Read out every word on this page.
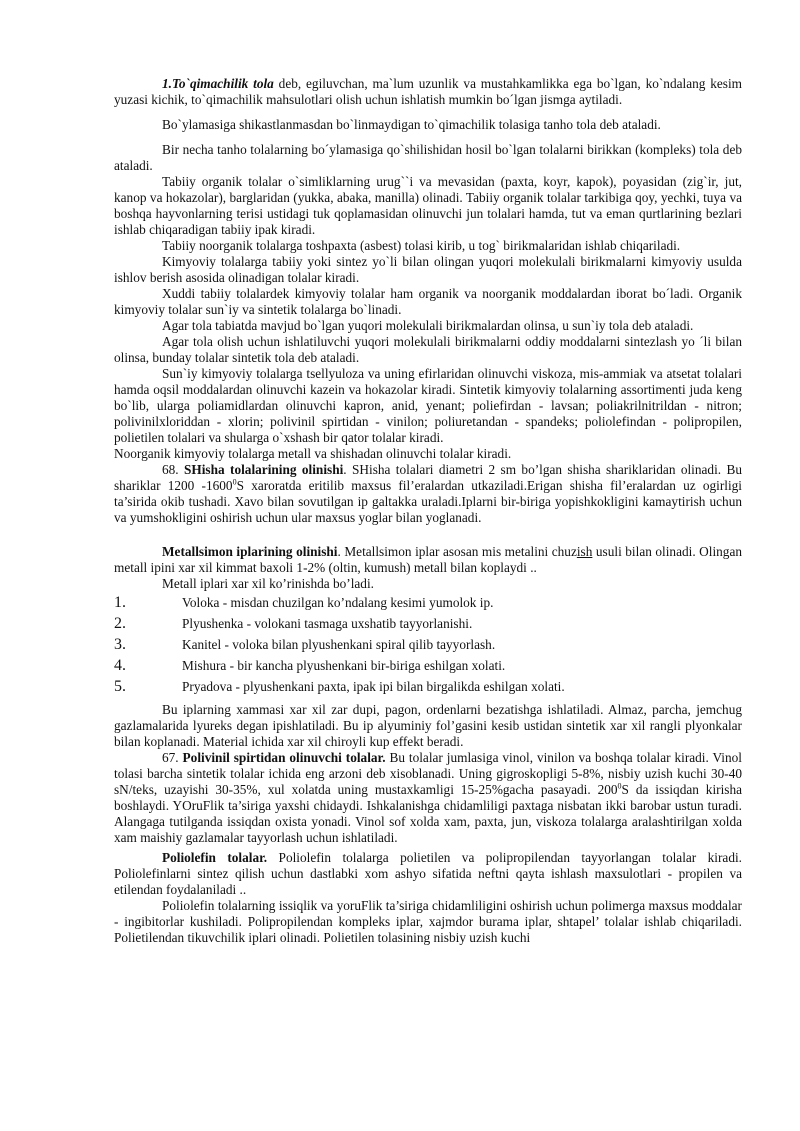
1.To`qimachilik tola deb, egiluvchan, ma`lum uzunlik va mustahkamlikka ega bo`lgan, ko`ndalang kesim yuzasi kichik, to`qimachilik mahsulotlari olish uchun ishlatish mumkin bo´lgan jismga aytiladi.

Bo`ylamasiga shikastlanmasdan bo`linmaydigan to`qimachilik tolasiga tanho tola deb ataladi.

Bir necha tanho tolalarning bo´ylamasiga qo`shilishidan hosil bo`lgan tolalarni birikkan (kompleks) tola deb ataladi.

Tabiiy organik tolalar o`simliklarning urug``i va mevasidan (paxta, koyr, kapok), poyasidan (zig`ir, jut, kanop va hokazolar), barglaridan (yukka, abaka, manilla) olinadi. Tabiiy organik tolalar tarkibiga qoy, yechki, tuya va boshqa hayvonlarning terisi ustidagi tuk qoplamasidan olinuvchi jun tolalari hamda, tut va eman qurtlarining bezlari ishlab chiqaradigan tabiiy ipak kiradi.

Tabiiy noorganik tolalarga toshpaxta (asbest) tolasi kirib, u tog` birikmalaridan ishlab chiqariladi.

Kimyoviy tolalarga tabiiy yoki sintez yo`li bilan olingan yuqori molekulali birikmalarni kimyoviy usulda ishlov berish asosida olinadigan tolalar kiradi.

Xuddi tabiiy tolalardek kimyoviy tolalar ham organik va noorganik moddalardan iborat bo´ladi. Organik kimyoviy tolalar sun`iy va sintetik tolalarga bo`linadi.

Agar tola tabiatda mavjud bo`lgan yuqori molekulali birikmalardan olinsa, u sun`iy tola deb ataladi.

Agar tola olish uchun ishlatiluvchi yuqori molekulali birikmalarni oddiy moddalarni sintezlash yo ´li bilan olinsa, bunday tolalar sintetik tola deb ataladi.

Sun`iy kimyoviy tolalarga tsellyuloza va uning efirlaridan olinuvchi viskoza, mis-ammiak va atsetat tolalari hamda oqsil moddalardan olinuvchi kazein va hokazolar kiradi. Sintetik kimyoviy tolalarning assortimenti juda keng bo`lib, ularga poliamidlardan olinuvchi kapron, anid, yenant; poliefirdan - lavsan; poliakrilnitrildan - nitron; polivinilxloriddan - xlorin; polivinil spirtidan - vinilon; poliuretandan - spandeks; poliolefindan - polipropilen, polietilen tolalari va shularga o`xshash bir qator tolalar kiradi.

Noorganik kimyoviy tolalarga metall va shishadan olinuvchi tolalar kiradi.

68. SHisha tolalarining olinishi. SHisha tolalari diametri 2 sm bo’lgan shisha shariklaridan olinadi. Bu shariklar 1200 -1600$^0$S xaroratda eritilib maxsus fil’eralardan utkaziladi.Erigan shisha fil’eralardan uz ogirligi ta’sirida okib tushadi. Xavo bilan sovutilgan ip galtakka uraladi.Iplarni bir-biriga yopishkokligini kamaytirish uchun va yumshokligini oshirish uchun ular maxsus yoglar bilan yoglanadi.

Metallsimon iplarining olinishi. Metallsimon iplar asosan mis metalini chuzish usuli bilan olinadi. Olingan metall ipini xar xil kimmat baxoli 1-2% (oltin, kumush) metall bilan koplaydi ..

Metall iplari xar xil ko’rinishda bo’ladi.

1.	Voloka - misdan chuzilgan ko’ndalang kesimi yumolok ip.
2.	Plyushenka - volokani tasmaga uxshatib tayyorlanishi.
3.	Kanitel - voloka bilan plyushenkani spiral qilib tayyorlash.
4.	Mishura - bir kancha plyushenkani bir-biriga eshilgan xolati.
5.	Pryadova - plyushenkani paxta, ipak ipi bilan birgalikda eshilgan xolati.

Bu iplarning xammasi xar xil zar dupi, pagon, ordenlarni bezatishga ishlatiladi. Almaz, parcha, jemchug gazlamalarida lyureks degan ipishlatiladi. Bu ip alyuminiy fol’gasini kesib ustidan sintetik xar xil rangli plyonkalar bilan koplanadi. Material ichida xar xil chiroyli kup effekt beradi.

67. Polivinil spirtidan olinuvchi tolalar. Bu tolalar jumlasiga vinol, vinilon va boshqa tolalar kiradi. Vinol tolasi barcha sintetik tolalar ichida eng arzoni deb xisoblanadi. Uning gigroskopligi 5-8%, nisbiy uzish kuchi 30-40 sN/teks, uzayishi 30-35%, xul xolatda uning mustaxkamligi 15-25%gacha pasayadi. $200^0S$ da issiqdan kirisha boshlaydi. YOruFlik ta’siriga yaxshi chidaydi. Ishkalanishga chidamliligi paxtaga nisbatan ikki barobar ustun turadi. Alangaga tutilganda issiqdan oxista yonadi. Vinol sof xolda xam, paxta, jun, viskoza tolalarga aralashtirilgan xolda xam maishiy gazlamalar tayyorlash uchun ishlatiladi.

Poliolefin tolalar. Poliolefin tolalarga polietilen va polipropilendan tayyorlangan tolalar kiradi. Poliolefinlarni sintez qilish uchun dastlabki xom ashyo sifatida neftni qayta ishlash maxsulotlari - propilen va etilendan foydalaniladi ..

Poliolefin tolalarning issiqlik va yoruFlik ta’siriga chidamliligini oshirish uchun polimerga maxsus moddalar - ingibitorlar kushiladi. Polipropilendan kompleks iplar, xajmdor burama iplar, shtapel’ tolalar ishlab chiqariladi. Polietilendan tikuvchilik iplari olinadi. Polietilen tolasining nisbiy uzish kuchi
